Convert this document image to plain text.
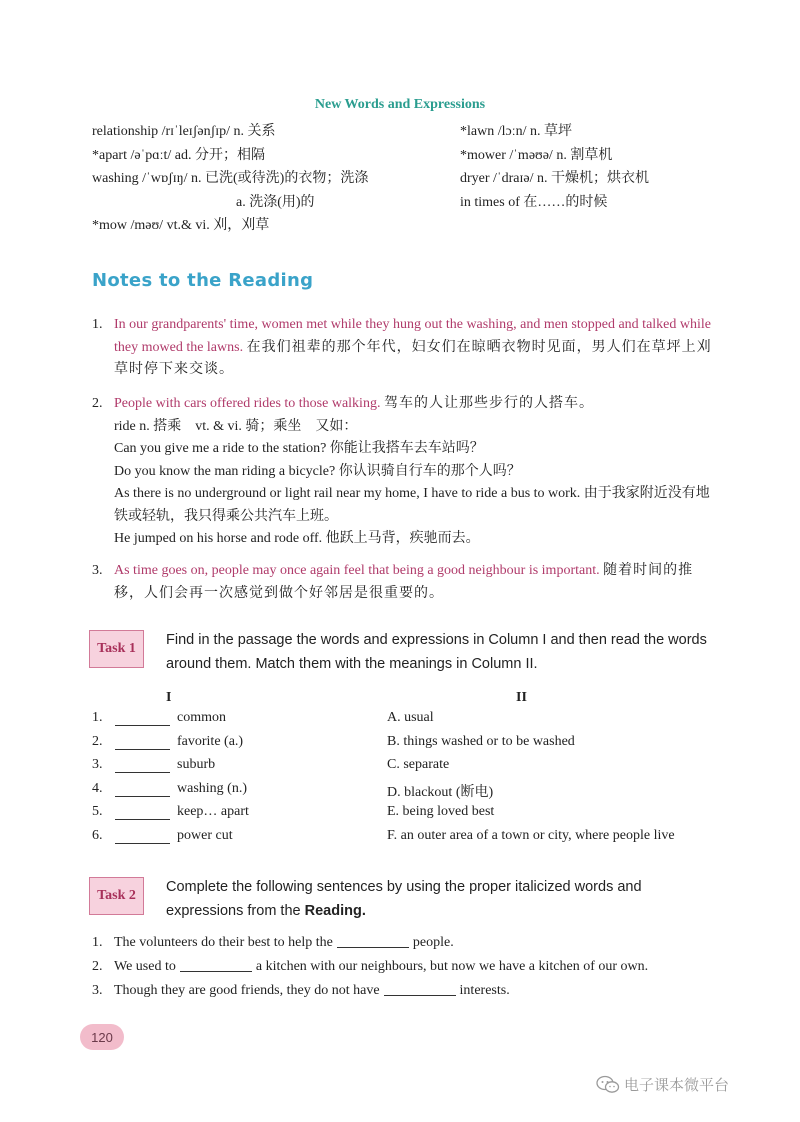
New Words and Expressions
relationship /rɪˈleɪʃənʃɪp/ n. 关系
*apart /əˈpɑːt/ ad. 分开；相隔
washing /ˈwɒʃɪŋ/ n. 已洗(或待洗)的衣物；洗涤
a. 洗涤(用)的
*mow /məʊ/ vt.& vi. 刈，刈草
*lawn /lɔːn/ n. 草坪
*mower /ˈməʊə/ n. 割草机
dryer /ˈdraɪə/ n. 干燥机；烘衣机
in times of 在……的时候
Notes to the Reading
1. In our grandparents' time, women met while they hung out the washing, and men stopped and talked while they mowed the lawns. 在我们祖辈的那个年代，妇女们在晾晒衣物时见面，男人们在草坪上刈草时停下来交谈。
2. People with cars offered rides to those walking. 驾车的人让那些步行的人搭车。
ride n. 搭乘    vt. & vi. 骑；乘坐    又如：
Can you give me a ride to the station? 你能让我搭车去车站吗？
Do you know the man riding a bicycle? 你认识骑自行车的那个人吗？
As there is no underground or light rail near my home, I have to ride a bus to work. 由于我家附近没有地铁或轻轨，我只得乘公共汽车上班。
He jumped on his horse and rode off. 他跃上马背，疾驰而去。
3. As time goes on, people may once again feel that being a good neighbour is important. 随着时间的推移，人们会再一次感觉到做个好邻居是很重要的。
Task 1
Find in the passage the words and expressions in Column I and then read the words around them. Match them with the meanings in Column II.
I	II
1.	common	A. usual
2.	favorite (a.)	B. things washed or to be washed
3.	suburb	C. separate
4.	washing (n.)	D. blackout (断电)
5.	keep… apart	E. being loved best
6.	power cut	F. an outer area of a town or city, where people live
Task 2
Complete the following sentences by using the proper italicized words and expressions from the Reading.
1. The volunteers do their best to help the	people.
2. We used to	a kitchen with our neighbours, but now we have a kitchen of our own.
3. Though they are good friends, they do not have	interests.
120
电子课本微平台
